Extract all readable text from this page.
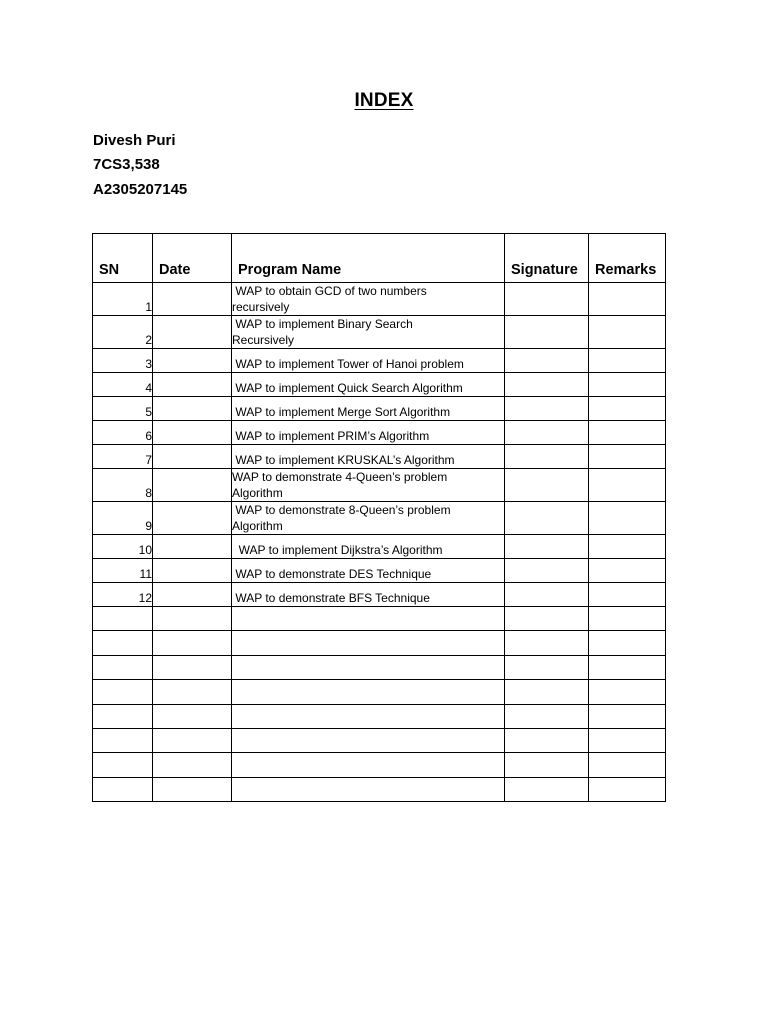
INDEX
Divesh Puri
7CS3,538
A2305207145
SN	Date	Program Name	Signature	Remarks
1		WAP to obtain GCD of two numbers
recursively		
2		WAP to implement Binary Search
Recursively		
3		WAP to implement Tower of Hanoi problem		
4		WAP to implement Quick Search Algorithm		
5		WAP to implement Merge Sort Algorithm		
6		WAP to implement PRIM’s Algorithm		
7		WAP to implement KRUSKAL’s Algorithm		
8		WAP to demonstrate 4-Queen’s problem
Algorithm		
9		WAP to demonstrate 8-Queen’s problem
Algorithm		
10		WAP to implement Dijkstra’s Algorithm		
11		WAP to demonstrate DES Technique		
12		WAP to demonstrate BFS Technique		
